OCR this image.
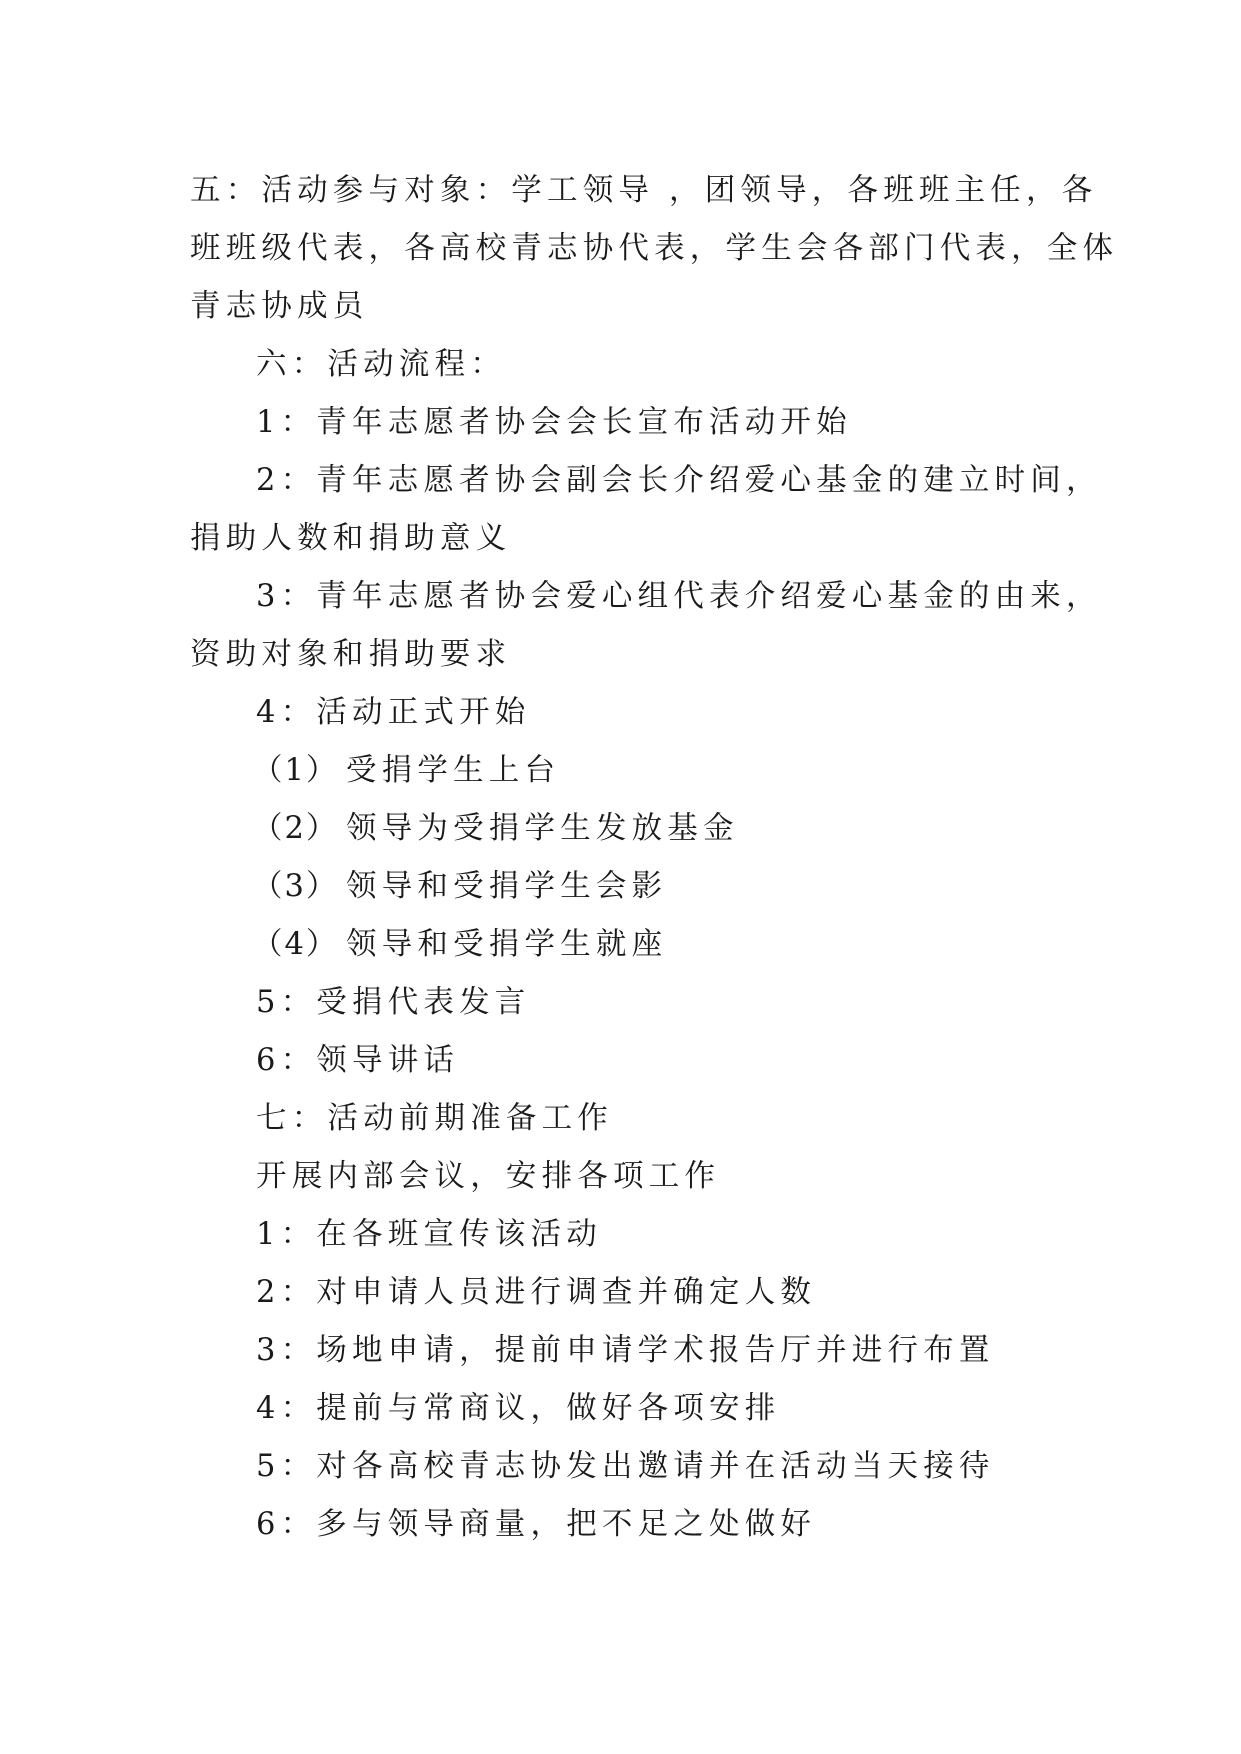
五：活动参与对象：学工领导 ，团领导，各班班主任，各
班班级代表，各高校青志协代表，学生会各部门代表，全体
青志协成员
六：活动流程：
1：青年志愿者协会会长宣布活动开始
2：青年志愿者协会副会长介绍爱心基金的建立时间，
捐助人数和捐助意义
3：青年志愿者协会爱心组代表介绍爱心基金的由来，
资助对象和捐助要求
4：活动正式开始
（1） 受捐学生上台
（2） 领导为受捐学生发放基金
（3） 领导和受捐学生会影
（4） 领导和受捐学生就座
5：受捐代表发言
6：领导讲话
七：活动前期准备工作
开展内部会议，安排各项工作
1：在各班宣传该活动
2：对申请人员进行调查并确定人数
3：场地申请，提前申请学术报告厅并进行布置
4：提前与常商议，做好各项安排
5：对各高校青志协发出邀请并在活动当天接待
6：多与领导商量，把不足之处做好
